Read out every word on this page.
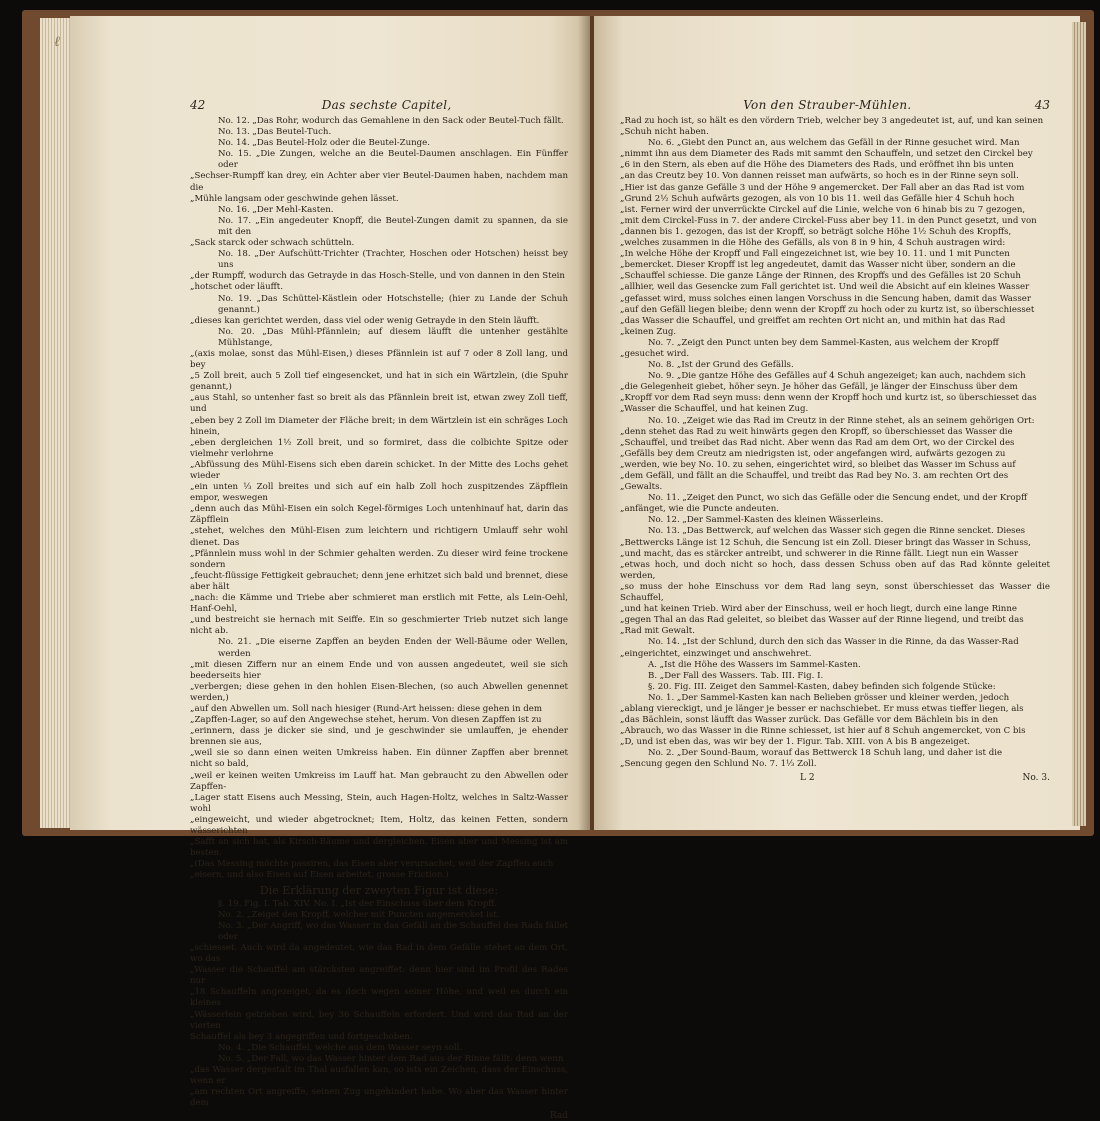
ℓ
42	Das sechste Capitel,

No. 12. „Das Rohr, wodurch das Gemahlene in den Sack oder Beutel-Tuch fällt.

No. 13. „Das Beutel-Tuch.

No. 14. „Das Beutel-Holz oder die Beutel-Zunge.

No. 15. „Die Zungen, welche an die Beutel-Daumen anschlagen. Ein Fünffer oder

„Sechser-Rumpff kan drey, ein Achter aber vier Beutel-Daumen haben, nachdem man die

„Mühle langsam oder geschwinde gehen lässet.

No. 16. „Der Mehl-Kasten.

No. 17. „Ein angedeuter Knopff, die Beutel-Zungen damit zu spannen, da sie mit den

„Sack starck oder schwach schütteln.

No. 18. „Der Aufschütt-Trichter (Trachter, Hoschen oder Hotschen) heisst bey uns

„der Rumpff, wodurch das Getrayde in das Hosch-Stelle, und von dannen in den Stein

„hotschet oder läufft.

No. 19. „Das Schüttel-Kästlein oder Hotschstelle; (hier zu Lande der Schuh genannt.)

„dieses kan gerichtet werden, dass viel oder wenig Getrayde in den Stein läufft.

No. 20. „Das Mühl-Pfännlein; auf diesem läufft die untenher gestählte Mühlstange,

„(axis molae, sonst das Mühl-Eisen,) dieses Pfännlein ist auf 7 oder 8 Zoll lang, und bey

„5 Zoll breit, auch 5 Zoll tief eingesencket, und hat in sich ein Wärtzlein, (die Spuhr genannt,)

„aus Stahl, so untenher fast so breit als das Pfännlein breit ist, etwan zwey Zoll tieff, und

„eben bey 2 Zoll im Diameter der Fläche breit; in dem Wärtzlein ist ein schräges Loch hinein,

„eben dergleichen 1½ Zoll breit, und so formiret, dass die colbichte Spitze oder vielmehr verlohrne

„Abfüssung des Mühl-Eisens sich eben darein schicket. In der Mitte des Lochs gehet wieder

„ein unten ⅓ Zoll breites und sich auf ein halb Zoll hoch zuspitzendes Zäpfflein empor, weswegen

„denn auch das Mühl-Eisen ein solch Kegel-förmiges Loch untenhinauf hat, darin das Zäpfflein

„stehet, welches den Mühl-Eisen zum leichtern und richtigern Umlauff sehr wohl dienet. Das

„Pfännlein muss wohl in der Schmier gehalten werden. Zu dieser wird feine trockene sondern

„feucht-flüssige Fettigkeit gebrauchet; denn jene erhitzet sich bald und brennet, diese aber hält

„nach: die Kämme und Triebe aber schmieret man erstlich mit Fette, als Lein-Oehl, Hanf-Oehl,

„und bestreicht sie hernach mit Seiffe. Ein so geschmierter Trieb nutzet sich lange nicht ab.

No. 21. „Die eiserne Zapffen an beyden Enden der Well-Bäume oder Wellen, werden

„mit diesen Ziffern nur an einem Ende und von aussen angedeutet, weil sie sich beederseits hier

„verbergen; diese gehen in den hohlen Eisen-Blechen, (so auch Abwellen genennet werden,)

„auf den Abwellen um. Soll nach hiesiger (Rund-Art heissen: diese gehen in dem

„Zapffen-Lager, so auf den Angewechse stehet, herum. Von diesen Zapffen ist zu

„erinnern, dass je dicker sie sind, und je geschwinder sie umlauffen, je ehender brennen sie aus,

„weil sie so dann einen weiten Umkreiss haben. Ein dünner Zapffen aber brennet nicht so bald,

„weil er keinen weiten Umkreiss im Lauff hat. Man gebraucht zu den Abwellen oder Zapffen-

„Lager statt Eisens auch Messing, Stein, auch Hagen-Holtz, welches in Saltz-Wasser wohl

„eingeweicht, und wieder abgetrocknet; Item, Holtz, das keinen Fetten, sondern wässerichten

„Safft an sich hat, als Kirsch-Bäume und dergleichen. Eisen aber und Messing ist am besten.

„(Das Messing möchte passiren, das Eisen aber verursachet, weil der Zapffen auch

„eisern, und also Eisen auf Eisen arbeitet, grosse Friction.)

Die Erklärung der zweyten Figur ist diese:

§. 19. Fig. I. Tab. XIV. No. I. „Ist der Einschuss über dem Kropff.

No. 2. „Zeiget den Kropff, welcher mit Puncten angemercket ist.

No. 3. „Der Angriff, wo das Wasser in das Gefäll an die Schauffel des Rads fället oder

„schiesset. Auch wird da angedeutet, wie das Rad in dem Gefälle stehet an dem Ort, wo das

„Wasser die Schauffel am stärcksten angreiffet: denn hier sind im Profil des Rades nur

„18 Schauffeln angezeiget, da es doch wegen seiner Höhe, und weil es durch ein kleines

„Wässerlein getrieben wird, bey 36 Schauffeln erfordert. Und wird das Rad an der vierten

Schauffel als bey 3 angegriffen und fortgeschoben.

No. 4. „Die Schauffel, welche aus dem Wasser seyn soll.

No. 5. „Der Fall, wo das Wasser hinter dem Rad aus der Rinne fällt: denn wenn

„das Wasser dergestalt im Thal ausfallen kan, so ists ein Zeichen, dass der Einschuss, wenn er

„am rechten Ort angreiffe, seinen Zug ungehindert habe. Wo aber das Wasser hinter dem

Rad
Von den Strauber-Mühlen.	43

„Rad zu hoch ist, so hält es den vördern Trieb, welcher bey 3 angedeutet ist, auf, und kan seinen

„Schuh nicht haben.

No. 6. „Giebt den Punct an, aus welchem das Gefäll in der Rinne gesuchet wird. Man

„nimmt ihn aus dem Diameter des Rads mit sammt den Schauffeln, und setzet den Circkel bey

„6 in den Stern, als eben auf die Höhe des Diameters des Rads, und eröffnet ihn bis unten

„an das Creutz bey 10. Von dannen reisset man aufwärts, so hoch es in der Rinne seyn soll.

„Hier ist das ganze Gefälle 3 und der Höhe 9 angemercket. Der Fall aber an das Rad ist vom

„Grund 2½ Schuh aufwärts gezogen, als von 10 bis 11. weil das Gefälle hier 4 Schuh hoch

„ist. Ferner wird der unverrückte Circkel auf die Linie, welche von 6 hinab bis zu 7 gezogen,

„mit dem Circkel-Fuss in 7. der andere Circkel-Fuss aber bey 11. in den Punct gesetzt, und von

„dannen bis 1. gezogen, das ist der Kropff, so beträgt solche Höhe 1½ Schuh des Kropffs,

„welches zusammen in die Höhe des Gefälls, als von 8 in 9 hin, 4 Schuh austragen wird:

„In welche Höhe der Kropff und Fall eingezeichnet ist, wie bey 10. 11. und 1 mit Puncten

„bemercket. Dieser Kropff ist leg angedeutet, damit das Wasser nicht über, sondern an die

„Schauffel schiesse. Die ganze Länge der Rinnen, des Kropffs und des Gefälles ist 20 Schuh

„allhier, weil das Gesencke zum Fall gerichtet ist. Und weil die Absicht auf ein kleines Wasser

„gefasset wird, muss solches einen langen Vorschuss in die Sencung haben, damit das Wasser

„auf den Gefäll liegen bleibe; denn wenn der Kropff zu hoch oder zu kurtz ist, so überschiesset

„das Wasser die Schauffel, und greiffet am rechten Ort nicht an, und mithin hat das Rad

„keinen Zug.

No. 7. „Zeigt den Punct unten bey dem Sammel-Kasten, aus welchem der Kropff

„gesuchet wird.

No. 8. „Ist der Grund des Gefälls.

No. 9. „Die gantze Höhe des Gefälles auf 4 Schuh angezeiget; kan auch, nachdem sich

„die Gelegenheit giebet, höher seyn. Je höher das Gefäll, je länger der Einschuss über dem

„Kropff vor dem Rad seyn muss: denn wenn der Kropff hoch und kurtz ist, so überschiesset das

„Wasser die Schauffel, und hat keinen Zug.

No. 10. „Zeiget wie das Rad im Creutz in der Rinne stehet, als an seinem gehörigen Ort:

„denn stehet das Rad zu weit hinwärts gegen den Kropff, so überschiesset das Wasser die

„Schauffel, und treibet das Rad nicht. Aber wenn das Rad am dem Ort, wo der Circkel des

„Gefälls bey dem Creutz am niedrigsten ist, oder angefangen wird, aufwärts gezogen zu

„werden, wie bey No. 10. zu sehen, eingerichtet wird, so bleibet das Wasser im Schuss auf

„dem Gefäll, und fällt an die Schauffel, und treibt das Rad bey No. 3. am rechten Ort des

„Gewalts.

No. 11. „Zeiget den Punct, wo sich das Gefälle oder die Sencung endet, und der Kropff

„anfänget, wie die Puncte andeuten.

No. 12. „Der Sammel-Kasten des kleinen Wässerleins.

No. 13. „Das Bettwerck, auf welchen das Wasser sich gegen die Rinne sencket. Dieses

„Bettwercks Länge ist 12 Schuh, die Sencung ist ein Zoll. Dieser bringt das Wasser in Schuss,

„und macht, das es stärcker antreibt, und schwerer in die Rinne fällt. Liegt nun ein Wasser

„etwas hoch, und doch nicht so hoch, dass dessen Schuss oben auf das Rad könnte geleitet werden,

„so muss der hohe Einschuss vor dem Rad lang seyn, sonst überschiesset das Wasser die Schauffel,

„und hat keinen Trieb. Wird aber der Einschuss, weil er hoch liegt, durch eine lange Rinne

„gegen Thal an das Rad geleitet, so bleibet das Wasser auf der Rinne liegend, und treibt das

„Rad mit Gewalt.

No. 14. „Ist der Schlund, durch den sich das Wasser in die Rinne, da das Wasser-Rad

„eingerichtet, einzwinget und anschwehret.

A. „Ist die Höhe des Wassers im Sammel-Kasten.

B. „Der Fall des Wassers. Tab. III. Fig. I.

§. 20. Fig. III. Zeiget den Sammel-Kasten, dabey befinden sich folgende Stücke:

No. 1. „Der Sammel-Kasten kan nach Belieben grösser und kleiner werden, jedoch

„ablang viereckigt, und je länger je besser er nachschiebet. Er muss etwas tieffer liegen, als

„das Bächlein, sonst läufft das Wasser zurück. Das Gefälle vor dem Bächlein bis in den

„Abrauch, wo das Wasser in die Rinne schiesset, ist hier auf 8 Schuh angemercket, von C bis

„D, und ist eben das, was wir bey der 1. Figur. Tab. XIII. von A bis B angezeiget.

No. 2. „Der Sound-Baum, worauf das Bettwerck 18 Schuh lang, und daher ist die

„Sencung gegen den Schlund No. 7. 1⅓ Zoll.

L 2	No. 3.
